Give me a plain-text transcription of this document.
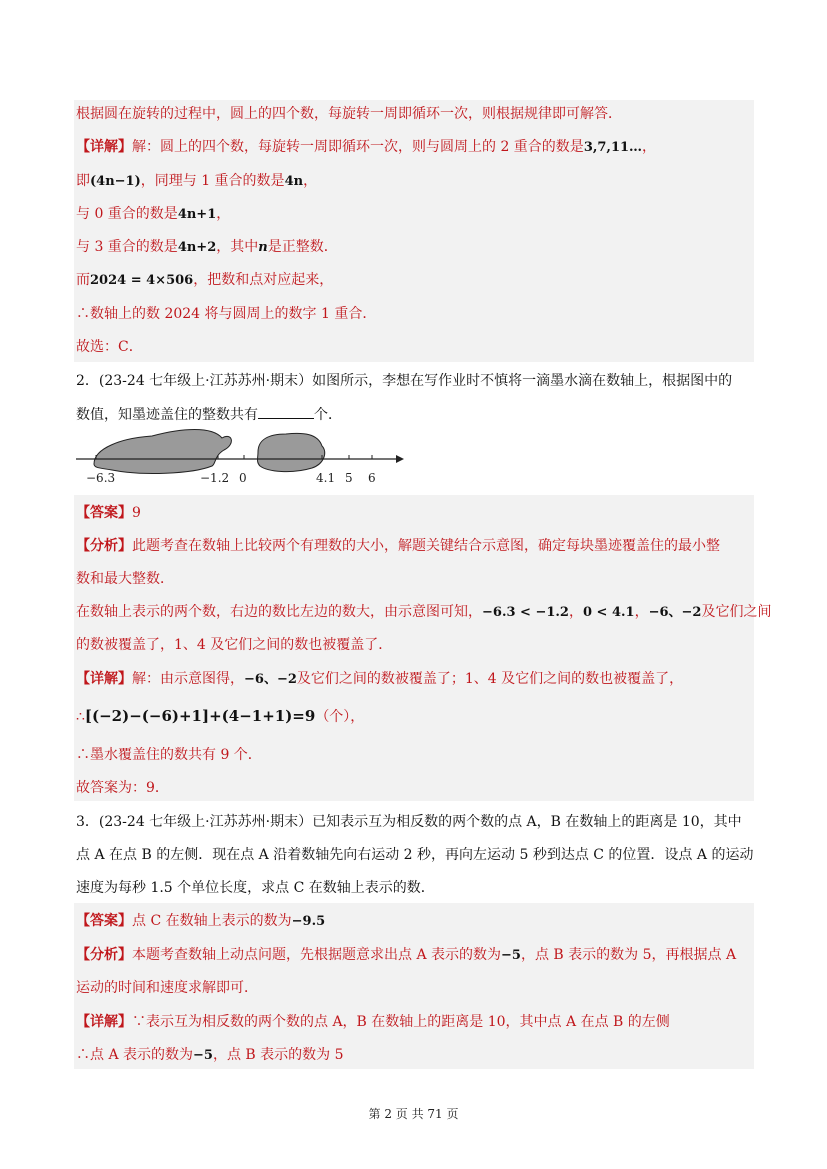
根据圆在旋转的过程中，圆上的四个数，每旋转一周即循环一次，则根据规律即可解答．
【详解】解：圆上的四个数，每旋转一周即循环一次，则与圆周上的 2 重合的数是3,7,11…，
即(4n−1)，同理与 1 重合的数是4n，
与 0 重合的数是4n+1，
与 3 重合的数是4n+2，其中n是正整数．
而2024 = 4×506，把数和点对应起来，
∴数轴上的数 2024 将与圆周上的数字 1 重合．
故选：C．
2．(23-24 七年级上·江苏苏州·期末）如图所示，李想在写作业时不慎将一滴墨水滴在数轴上，根据图中的
数值，知墨迹盖住的整数共有	个．
−6.3	−1.2 0	4.1 5 6
【答案】9
【分析】此题考查在数轴上比较两个有理数的大小，解题关键结合示意图，确定每块墨迹覆盖住的最小整
数和最大整数．
在数轴上表示的两个数，右边的数比左边的数大，由示意图可知，−6.3 < −1.2，0 < 4.1，−6、−2及它们之间
的数被覆盖了，1、4 及它们之间的数也被覆盖了．
【详解】解：由示意图得，−6、−2及它们之间的数被覆盖了；1、4 及它们之间的数也被覆盖了，
∴[(−2)−(−6)+1]+(4−1+1)=9（个），
∴墨水覆盖住的数共有 9 个．
故答案为：9．
3．(23-24 七年级上·江苏苏州·期末）已知表示互为相反数的两个数的点 A，B 在数轴上的距离是 10，其中
点 A 在点 B 的左侧．现在点 A 沿着数轴先向右运动 2 秒，再向左运动 5 秒到达点 C 的位置．设点 A 的运动
速度为每秒 1.5 个单位长度，求点 C 在数轴上表示的数．
【答案】点 C 在数轴上表示的数为−9.5
【分析】本题考查数轴上动点问题，先根据题意求出点 A 表示的数为−5，点 B 表示的数为 5，再根据点 A
运动的时间和速度求解即可．
【详解】∵表示互为相反数的两个数的点 A，B 在数轴上的距离是 10，其中点 A 在点 B 的左侧
∴点 A 表示的数为−5，点 B 表示的数为 5
第 2 页 共 71 页
